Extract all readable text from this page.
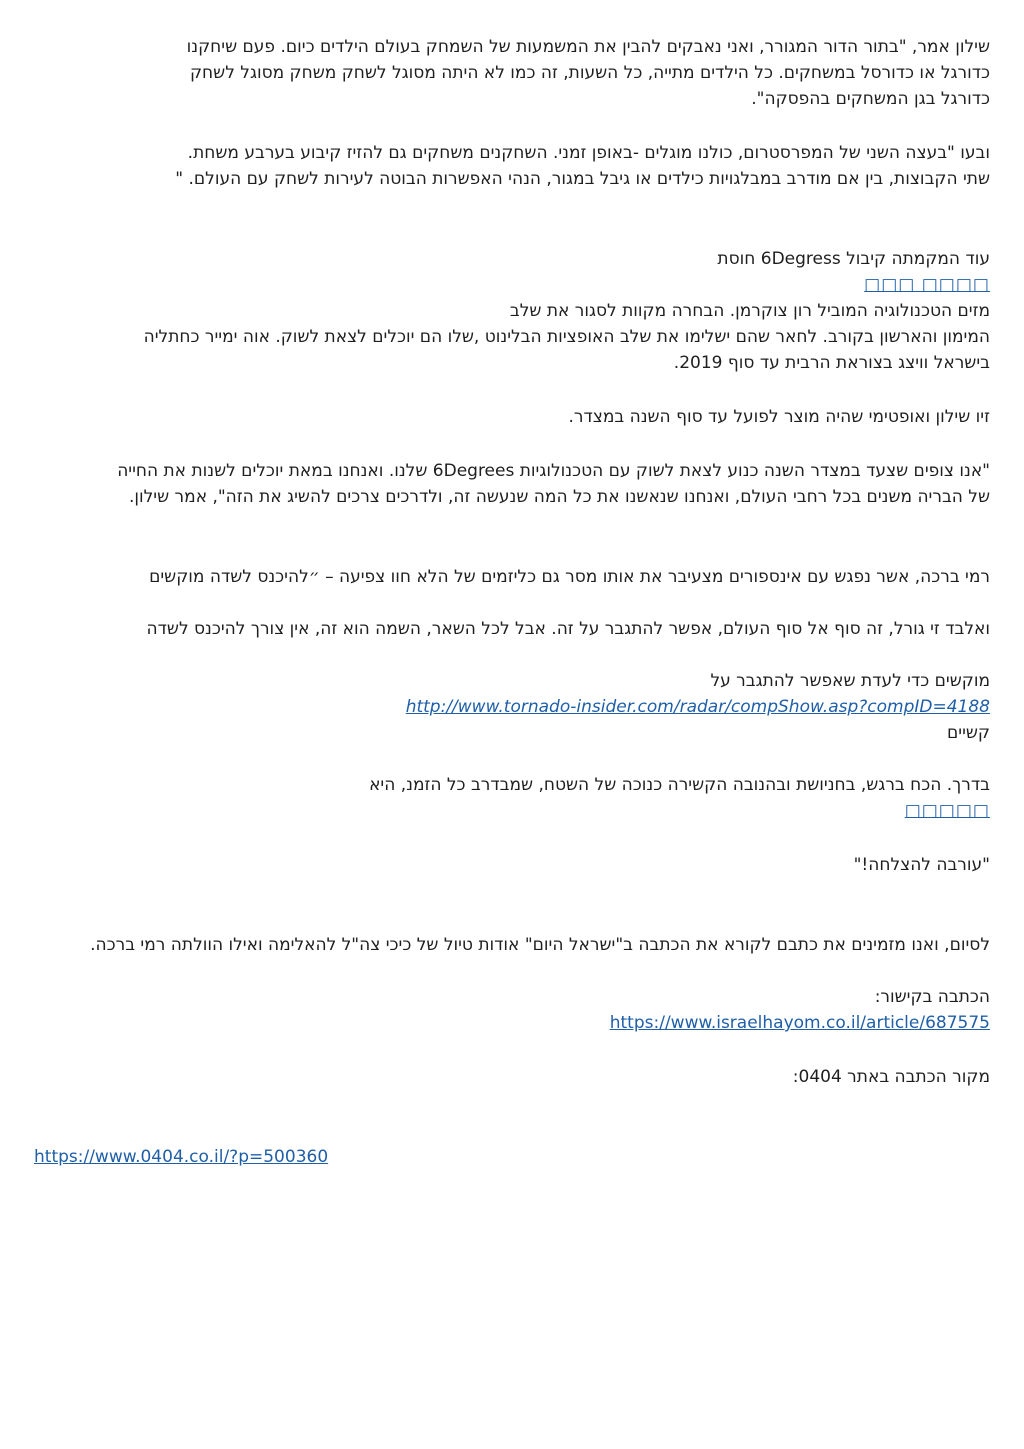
שילון אמר, "בתור הדור המגורר, ואני נאבקים להבין את המשמעות של השמחק בעולם הילדים כיום. פעם שיחקנו
כדורגל או כדורסל במשחקים. כל הילדים מתייה, כל השעות, זה כמו לא היתה מסוגל לשחק משחק מסוגל לשחק
כדורגל בגן המשחקים בהפסקה".

ובעו "בעצה השני של המפרסטרום, כולנו מוגלים -באופן זמני. השחקנים משחקים גם להזיז קיבוע בערבע משחת.
שתי הקבוצות, בין אם מודרב במבלגויות כילדים או גיבל במגור, הנהי האפשרות הבוטה לעירות לשחק עם העולם. "

עוד המקמתה קיבול 6Degress חוסת
□□□ □□□□
מזים הטכנולוגיה המוביל רון צוקרמן. הבחרה מקוות לסגור את שלב
המימון והארשון בקורב. לחאר שהם ישלימו את שלב האופציות הבלינוט ,שלו הם יוכלים לצאת לשוק. אוה ימייר כחתליה
בישראל וויצג בצוראת הרבית עד סוף 2019.

זיו שילון ואופטימי שהיה מוצר לפועל עד סוף השנה במצדר.

"אנו צופים שצעד במצדר השנה כנוע לצאת לשוק עם הטכנולוגיות 6Degrees שלנו. ואנחנו במאת יוכלים לשנות את החייה
של הבריה משנים בכל רחבי העולם, ואנחנו שנאשנו את כל המה שנעשה זה, ולדרכים צרכים להשיג את הזה", אמר שילון.

רמי ברכה, אשר נפגש עם אינספורים מצעיבר את אותו מסר גם כליזמים של הלא חוו צפיעה – ״להיכנס לשדה מוקשים

ואלבד זי גורל, זה סוף אל סוף העולם, אפשר להתגבר על זה. אבל לכל השאר, השמה הוא זה, אין צורך להיכנס לשדה

מוקשים כדי לעדת שאפשר להתגבר על
http://www.tornado-insider.com/radar/compShow.asp?compID=4188
קשיים

בדרך. הכח ברגש, בחניושת ובהנובה הקשירה כנוכה של השטח, שמבדרב כל הזמנ, היא
□□□□□

"עורבה להצלחה!"

לסיום, ואנו מזמינים את כתבם לקורא את הכתבה ב"ישראל היום" אודות טיול של כיכי צה"ל להאלימה ואילו הוולתה רמי ברכה.

הכתבה בקישור:
https://www.israelhayom.co.il/article/687575

מקור הכתבה באתר 0404:

https://www.0404.co.il/?p=500360
